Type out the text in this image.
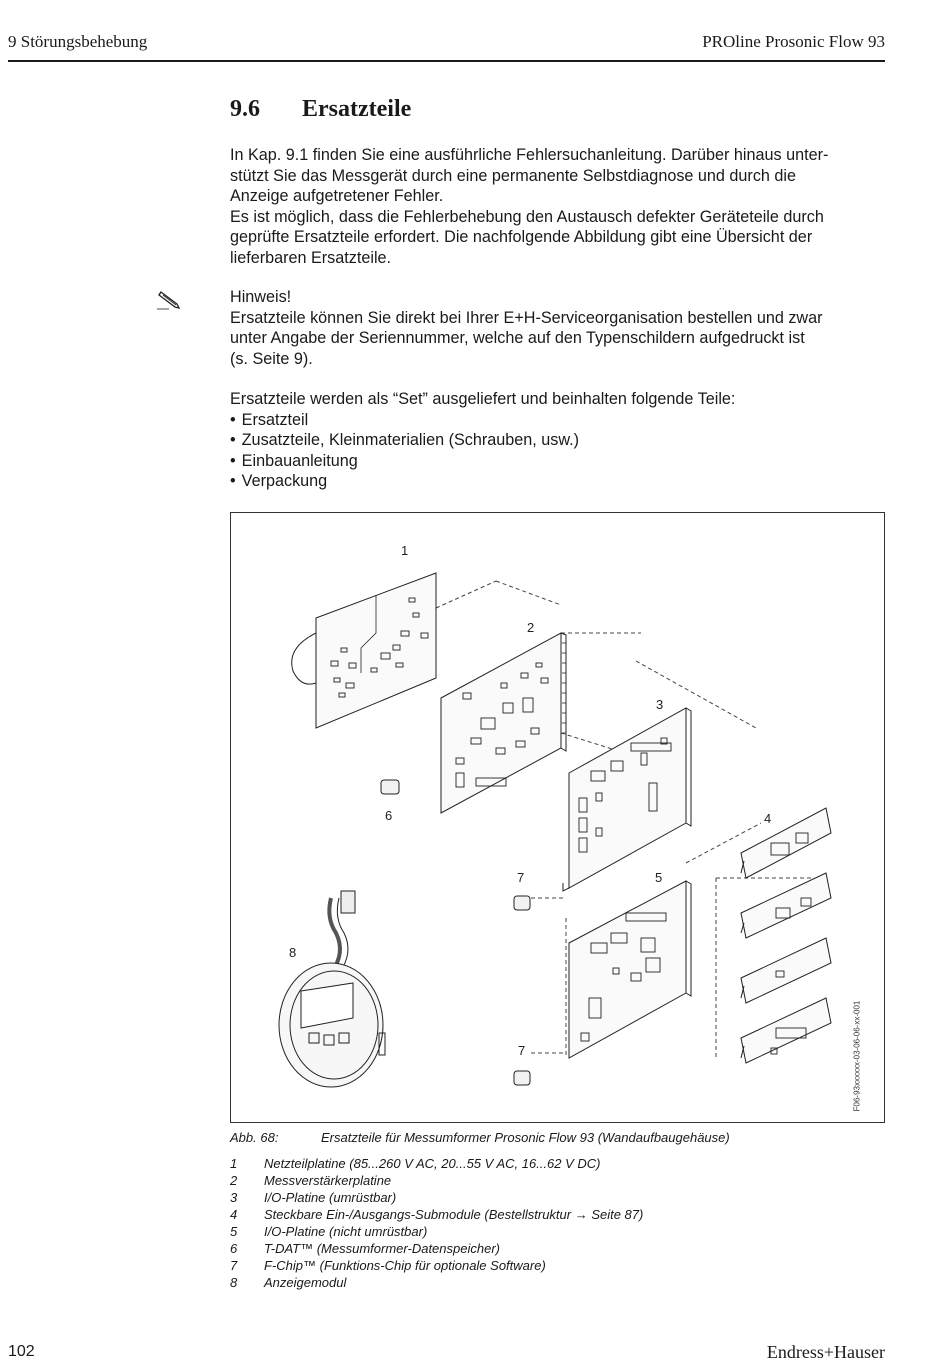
9 Störungsbehebung	PROline Prosonic Flow 93
9.6 Ersatzteile

In Kap. 9.1 finden Sie eine ausführliche Fehlersuchanleitung. Darüber hinaus unter-

stützt Sie das Messgerät durch eine permanente Selbstdiagnose und durch die

Anzeige aufgetretener Fehler.

Es ist möglich, dass die Fehlerbehebung den Austausch defekter Geräteteile durch

geprüfte Ersatzteile erfordert. Die nachfolgende Abbildung gibt eine Übersicht der

lieferbaren Ersatzteile.

Hinweis!

Ersatzteile können Sie direkt bei Ihrer E+H-Serviceorganisation bestellen und zwar

unter Angabe der Seriennummer, welche auf den Typenschildern aufgedruckt ist

(s. Seite 9).

Ersatzteile werden als “Set” ausgeliefert und beinhalten folgende Teile:

• Ersatzteil
• Zusatzteile, Kleinmaterialien (Schrauben, usw.)
• Einbauanleitung
• Verpackung
1
2
3
4
5
6
7
7
8
F06-93xxxxxx-03-06-06-xx-001
Abb. 68:	Ersatzteile für Messumformer Prosonic Flow 93 (Wandaufbaugehäuse)
1 Netzteilplatine (85...260 V AC, 20...55 V AC, 16...62 V DC)
2 Messverstärkerplatine
3 I/O-Platine (umrüstbar)
4 Steckbare Ein-/Ausgangs-Submodule (Bestellstruktur → Seite 87)
5 I/O-Platine (nicht umrüstbar)
6 T-DAT™ (Messumformer-Datenspeicher)
7 F-Chip™ (Funktions-Chip für optionale Software)
8 Anzeigemodul
102	Endress+Hauser
